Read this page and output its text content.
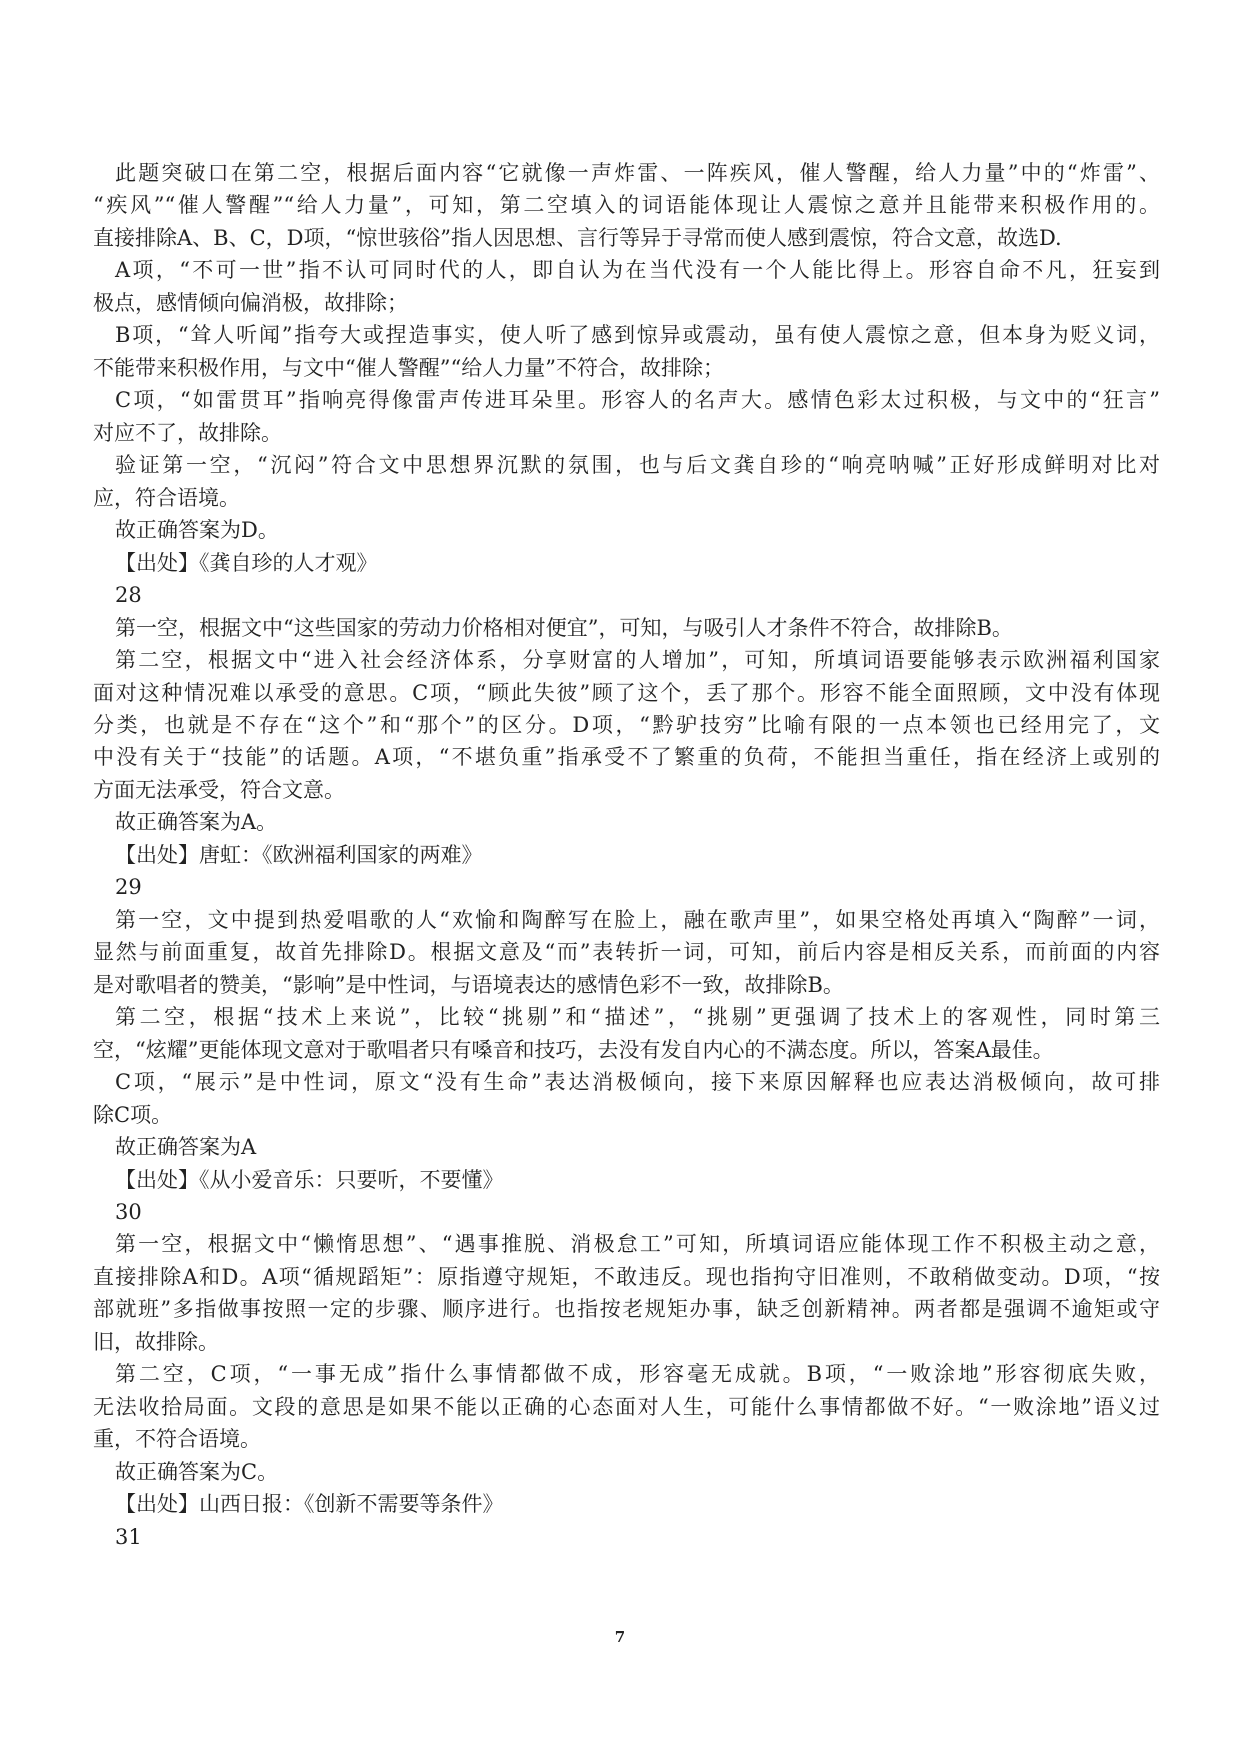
此题突破口在第二空，根据后面内容“它就像一声炸雷、一阵疾风，催人警醒，给人力量”中的“炸雷”、
“疾风”“催人警醒”“给人力量”，可知，第二空填入的词语能体现让人震惊之意并且能带来积极作用的。
直接排除A、B、C，D项，“惊世骇俗”指人因思想、言行等异于寻常而使人感到震惊，符合文意，故选D.
A项，“不可一世”指不认可同时代的人，即自认为在当代没有一个人能比得上。形容自命不凡，狂妄到
极点，感情倾向偏消极，故排除；
B项，“耸人听闻”指夸大或捏造事实，使人听了感到惊异或震动，虽有使人震惊之意，但本身为贬义词，
不能带来积极作用，与文中“催人警醒”“给人力量”不符合，故排除；
C项，“如雷贯耳”指响亮得像雷声传进耳朵里。形容人的名声大。感情色彩太过积极，与文中的“狂言”
对应不了，故排除。
验证第一空，“沉闷”符合文中思想界沉默的氛围，也与后文龚自珍的“响亮呐喊”正好形成鲜明对比对
应，符合语境。
故正确答案为D。
【出处】《龚自珍的人才观》
28
第一空，根据文中“这些国家的劳动力价格相对便宜”，可知，与吸引人才条件不符合，故排除B。
第二空，根据文中“进入社会经济体系，分享财富的人增加”，可知，所填词语要能够表示欧洲福利国家
面对这种情况难以承受的意思。C项，“顾此失彼”顾了这个，丢了那个。形容不能全面照顾，文中没有体现
分类，也就是不存在“这个”和“那个”的区分。D项，“黔驴技穷”比喻有限的一点本领也已经用完了，文
中没有关于“技能”的话题。A项，“不堪负重”指承受不了繁重的负荷，不能担当重任，指在经济上或别的
方面无法承受，符合文意。
故正确答案为A。
【出处】唐虹：《欧洲福利国家的两难》
29
第一空，文中提到热爱唱歌的人“欢愉和陶醉写在脸上，融在歌声里”，如果空格处再填入“陶醉”一词，
显然与前面重复，故首先排除D。根据文意及“而”表转折一词，可知，前后内容是相反关系，而前面的内容
是对歌唱者的赞美，“影响”是中性词，与语境表达的感情色彩不一致，故排除B。
第二空，根据“技术上来说”，比较“挑剔”和“描述”，“挑剔”更强调了技术上的客观性，同时第三
空，“炫耀”更能体现文意对于歌唱者只有嗓音和技巧，去没有发自内心的不满态度。所以，答案A最佳。
C项，“展示”是中性词，原文“没有生命”表达消极倾向，接下来原因解释也应表达消极倾向，故可排
除C项。
故正确答案为A
【出处】《从小爱音乐：只要听，不要懂》
30
第一空，根据文中“懒惰思想”、“遇事推脱、消极怠工”可知，所填词语应能体现工作不积极主动之意，
直接排除A和D。A项“循规蹈矩”：原指遵守规矩，不敢违反。现也指拘守旧准则，不敢稍做变动。D项，“按
部就班”多指做事按照一定的步骤、顺序进行。也指按老规矩办事，缺乏创新精神。两者都是强调不逾矩或守
旧，故排除。
第二空，C项，“一事无成”指什么事情都做不成，形容毫无成就。B项，“一败涂地”形容彻底失败，
无法收拾局面。文段的意思是如果不能以正确的心态面对人生，可能什么事情都做不好。“一败涂地”语义过
重，不符合语境。
故正确答案为C。
【出处】山西日报：《创新不需要等条件》
31
7
